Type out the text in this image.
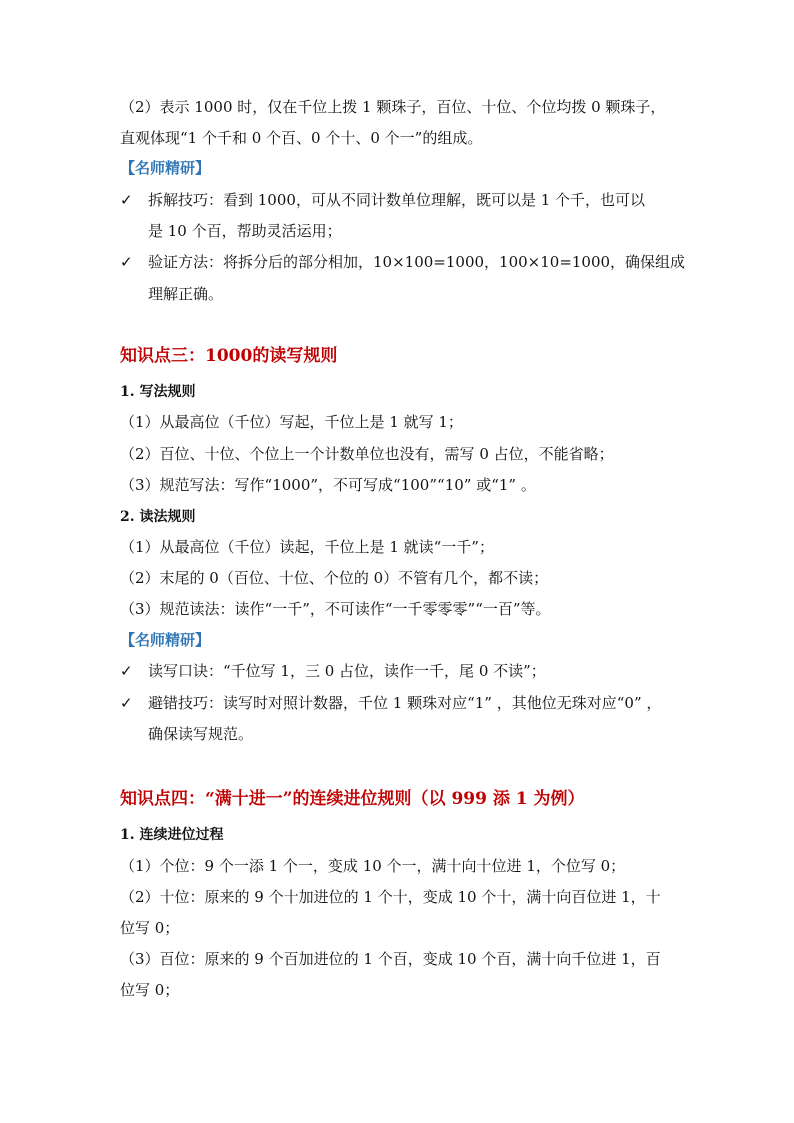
（2）表示 1000 时，仅在千位上拨 1 颗珠子，百位、十位、个位均拨 0 颗珠子，
直观体现“1 个千和 0 个百、0 个十、0 个一”的组成。
【名师精研】
✓ 拆解技巧：看到 1000，可从不同计数单位理解，既可以是 1 个千，也可以
是 10 个百，帮助灵活运用；
✓ 验证方法：将拆分后的部分相加，10×100=1000，100×10=1000，确保组成
理解正确。
知识点三：1000的读写规则
1. 写法规则
（1）从最高位（千位）写起，千位上是 1 就写 1；
（2）百位、十位、个位上一个计数单位也没有，需写 0 占位，不能省略；
（3）规范写法：写作“1000”，不可写成“100”“10” 或“1” 。
2. 读法规则
（1）从最高位（千位）读起，千位上是 1 就读“一千”；
（2）末尾的 0（百位、十位、个位的 0）不管有几个，都不读；
（3）规范读法：读作“一千”，不可读作“一千零零零”“一百”等。
【名师精研】
✓ 读写口诀：“千位写 1，三 0 占位，读作一千，尾 0 不读”；
✓ 避错技巧：读写时对照计数器，千位 1 颗珠对应“1” ，其他位无珠对应“0” ，
确保读写规范。
知识点四：“满十进一”的连续进位规则（以 999 添 1 为例）
1. 连续进位过程
（1）个位：9 个一添 1 个一，变成 10 个一，满十向十位进 1，个位写 0；
（2）十位：原来的 9 个十加进位的 1 个十，变成 10 个十，满十向百位进 1，十
位写 0；
（3）百位：原来的 9 个百加进位的 1 个百，变成 10 个百，满十向千位进 1，百
位写 0；
